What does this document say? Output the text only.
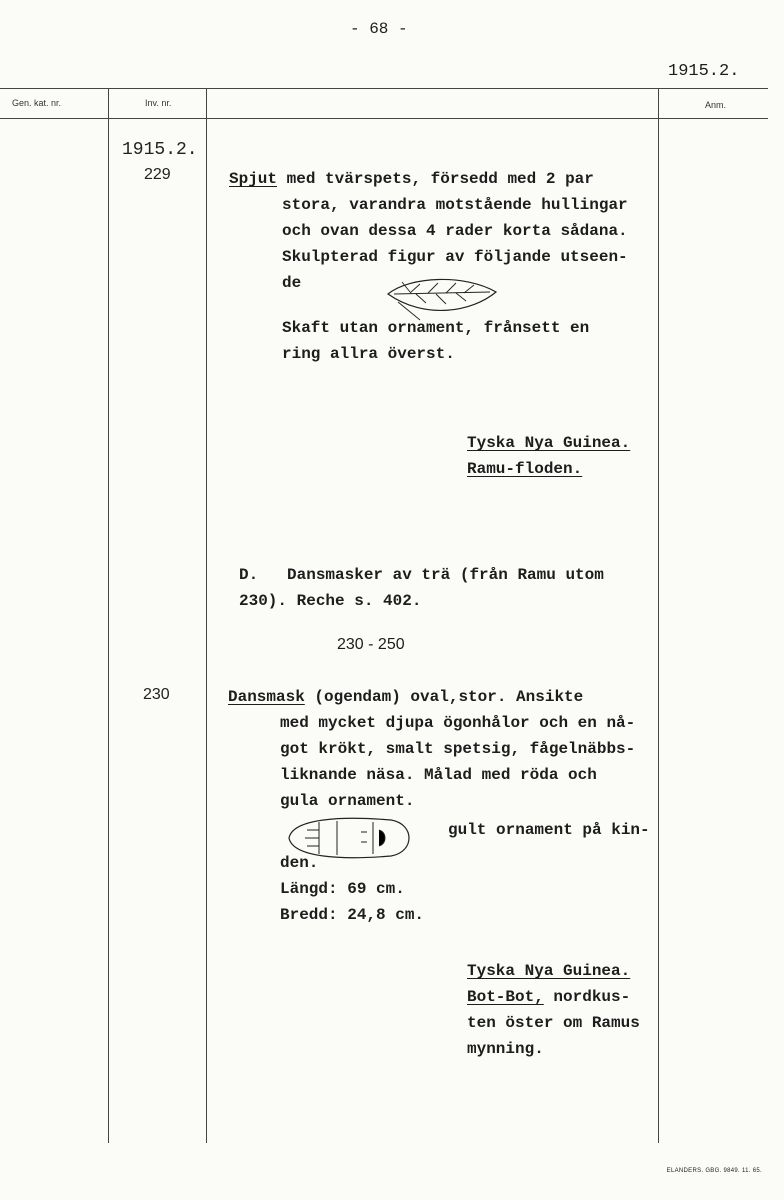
- 68 -
1915.2.
Gen. kat. nr.	Inv. nr.	Anm.
1915.2.
229
230
Spjut med tvärspets, försedd med 2 par
stora, varandra motstående hullingar
och ovan dessa 4 rader korta sådana.
Skulpterad figur av följande utseen-
de
Skaft utan ornament, frånsett en
ring allra överst.
Tyska Nya Guinea.
Ramu-floden.
D.   Dansmasker av trä (från Ramu utom
230). Reche s. 402.
230 - 250
Dansmask (ogendam) oval,stor. Ansikte
med mycket djupa ögonhålor och en nå-
got krökt, smalt spetsig, fågelnäbbs-
liknande näsa. Målad med röda och
gula ornament.
gult ornament på kin-
den.
Längd: 69 cm.
Bredd: 24,8 cm.
Tyska Nya Guinea.
Bot-Bot, nordkus-
ten öster om Ramus
mynning.
ELANDERS. GBG. 9849. 11. 65.
